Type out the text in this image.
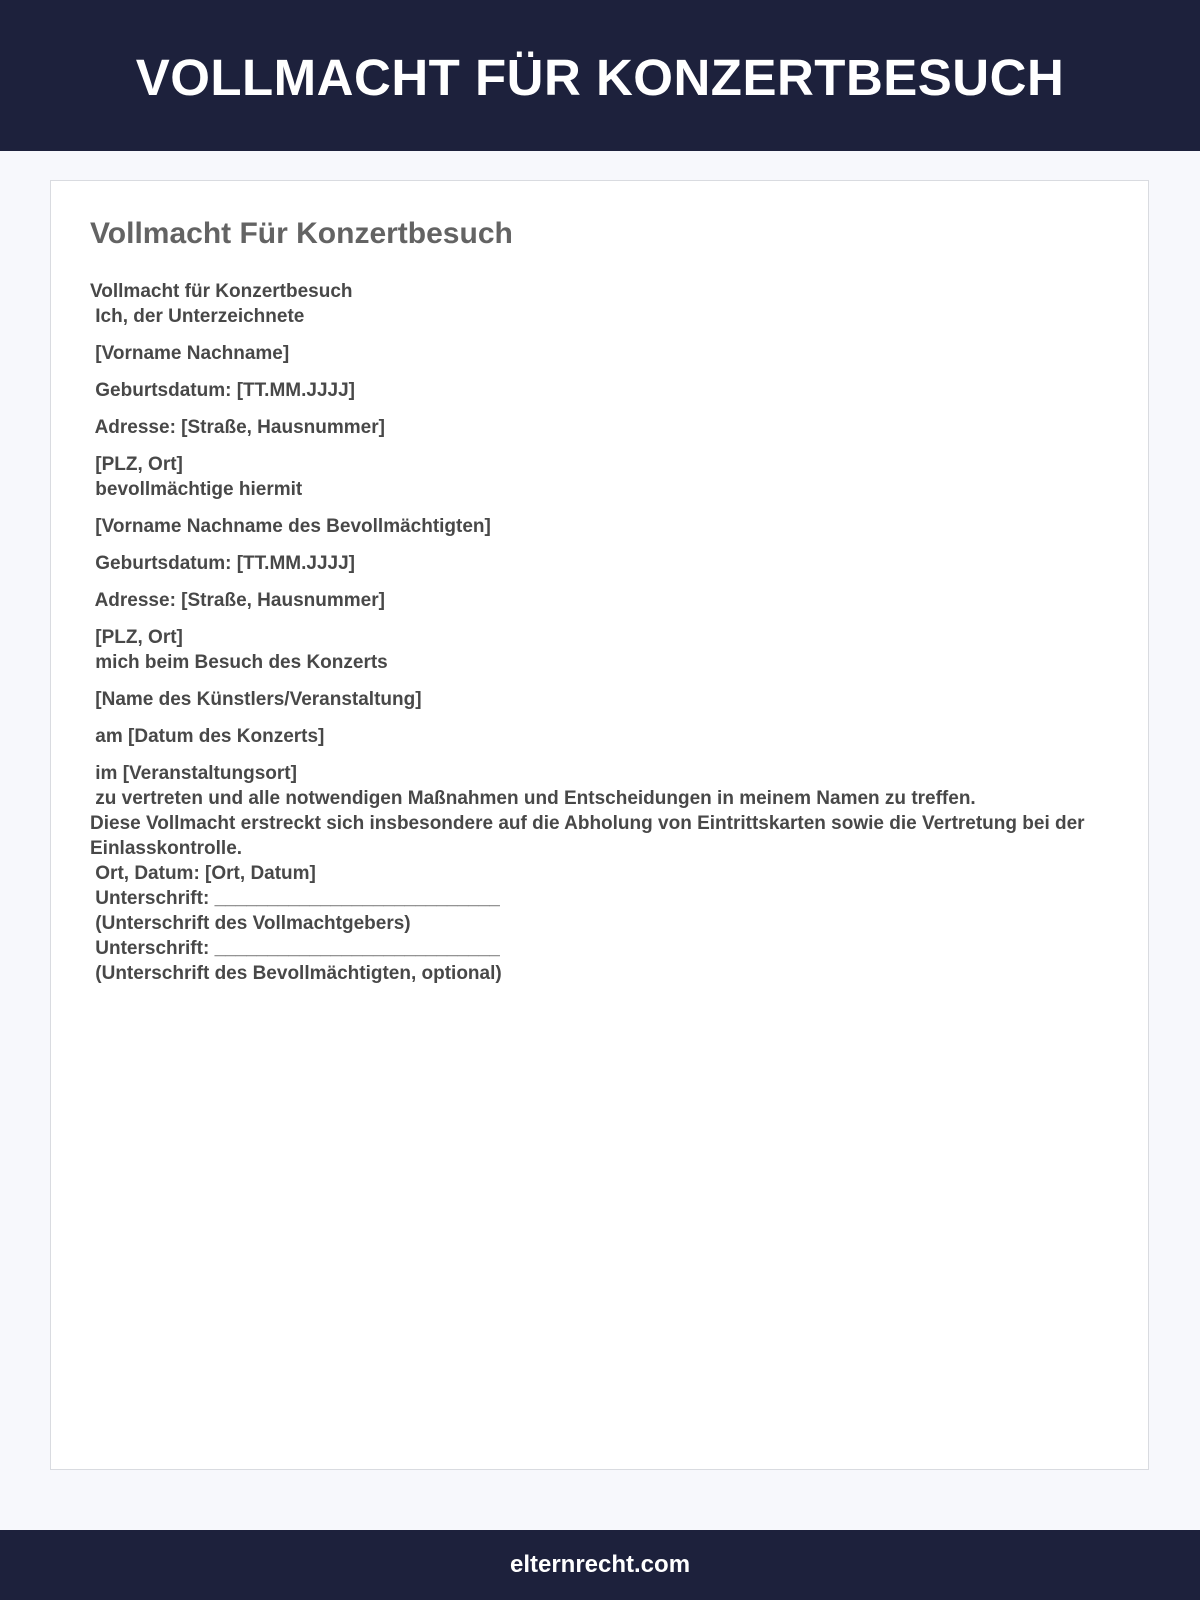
VOLLMACHT FÜR KONZERTBESUCH
Vollmacht Für Konzertbesuch
Vollmacht für Konzertbesuch
Ich, der Unterzeichnete
[Vorname Nachname]
Geburtsdatum: [TT.MM.JJJJ]
Adresse: [Straße, Hausnummer]
[PLZ, Ort]
bevollmächtige hiermit
[Vorname Nachname des Bevollmächtigten]
Geburtsdatum: [TT.MM.JJJJ]
Adresse: [Straße, Hausnummer]
[PLZ, Ort]
mich beim Besuch des Konzerts
[Name des Künstlers/Veranstaltung]
am [Datum des Konzerts]
im [Veranstaltungsort]
zu vertreten und alle notwendigen Maßnahmen und Entscheidungen in meinem Namen zu treffen.
Diese Vollmacht erstreckt sich insbesondere auf die Abholung von Eintrittskarten sowie die Vertretung bei der Einlasskontrolle.
Ort, Datum: [Ort, Datum]
Unterschrift: ___________________________
(Unterschrift des Vollmachtgebers)
Unterschrift: ___________________________
(Unterschrift des Bevollmächtigten, optional)
elternrecht.com
